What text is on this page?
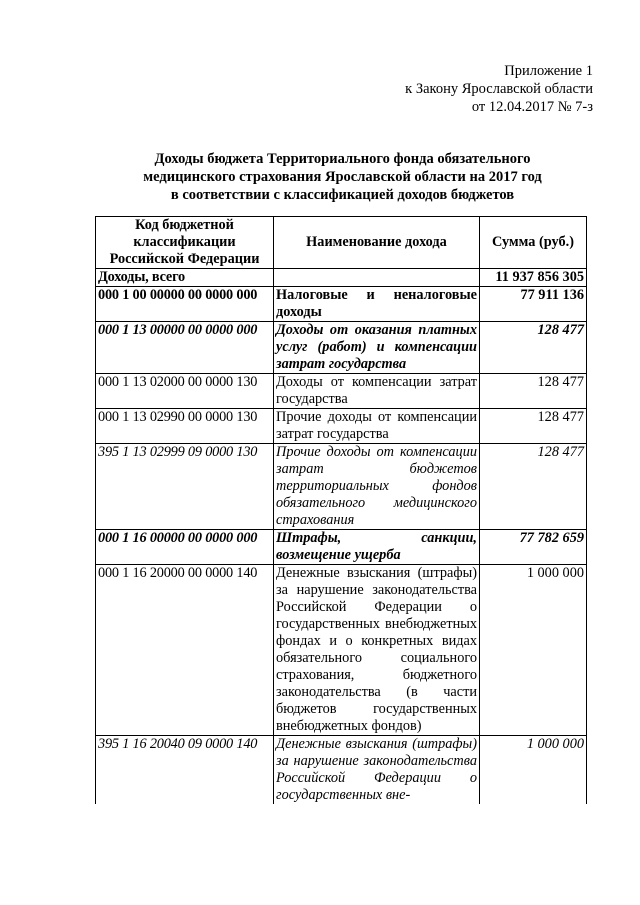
Приложение 1
к Закону Ярославской области
от 12.04.2017 № 7-з
Доходы бюджета Территориального фонда обязательного
медицинского страхования Ярославской области на 2017 год
в соответствии с классификацией доходов бюджетов
Код бюджетной классификации Российской Федерации	Наименование дохода	Сумма (руб.)
Доходы, всего		11 937 856 305
000 1 00 00000 00 0000 000	Налоговые и неналоговые доходы	77 911 136
000 1 13 00000 00 0000 000	Доходы от оказания платных услуг (работ) и компенсации затрат государства	128 477
000 1 13 02000 00 0000 130	Доходы от компенсации затрат государства	128 477
000 1 13 02990 00 0000 130	Прочие доходы от компенсации затрат государства	128 477
395 1 13 02999 09 0000 130	Прочие доходы от компенсации затрат бюджетов территориальных фондов обязательного медицинского страхования	128 477
000 1 16 00000 00 0000 000	Штрафы, санкции, возмещение ущерба	77 782 659
000 1 16 20000 00 0000 140	Денежные взыскания (штрафы) за нарушение законодательства Российской Федерации о государственных внебюджетных фондах и о конкретных видах обязательного социального страхования, бюджетного законодательства (в части бюджетов государственных внебюджетных фондов)	1 000 000
395 1 16 20040 09 0000 140	Денежные взыскания (штрафы) за нарушение законодательства Российской Федерации о государственных вне-	1 000 000
